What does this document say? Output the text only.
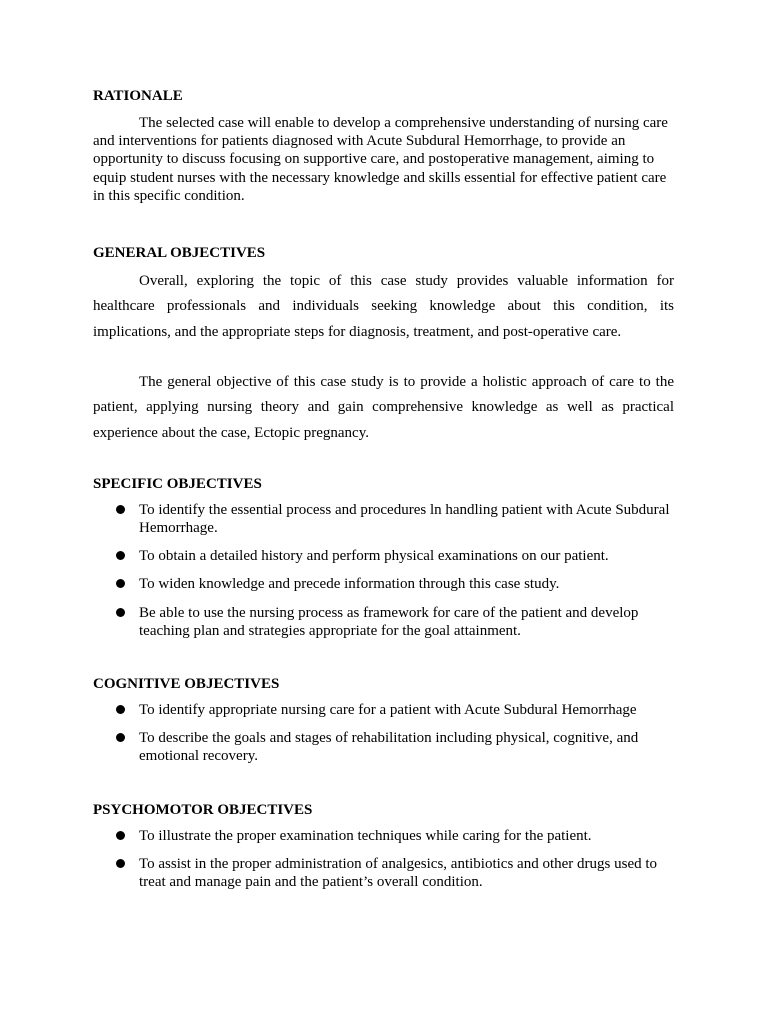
RATIONALE

The selected case will enable to develop a comprehensive understanding of nursing care and interventions for patients diagnosed with Acute Subdural Hemorrhage, to provide an opportunity to discuss focusing on supportive care, and postoperative management, aiming to equip student nurses with the necessary knowledge and skills essential for effective patient care in this specific condition.

GENERAL OBJECTIVES

Overall, exploring the topic of this case study provides valuable information for healthcare professionals and individuals seeking knowledge about this condition, its implications, and the appropriate steps for diagnosis, treatment, and post-operative care.

The general objective of this case study is to provide a holistic approach of care to the patient, applying nursing theory and gain comprehensive knowledge as well as practical experience about the case, Ectopic pregnancy.

SPECIFIC OBJECTIVES

To identify the essential process and procedures ln handling patient with Acute Subdural Hemorrhage.
To obtain a detailed history and perform physical examinations on our patient.
To widen knowledge and precede information through this case study.
Be able to use the nursing process as framework for care of the patient and develop teaching plan and strategies appropriate for the goal attainment.

COGNITIVE OBJECTIVES

To identify appropriate nursing care for a patient with Acute Subdural Hemorrhage
To describe the goals and stages of rehabilitation including physical, cognitive, and emotional recovery.

PSYCHOMOTOR OBJECTIVES

To illustrate the proper examination techniques while caring for the patient.
To assist in the proper administration of analgesics, antibiotics and other drugs used to treat and manage pain and the patient’s overall condition.
